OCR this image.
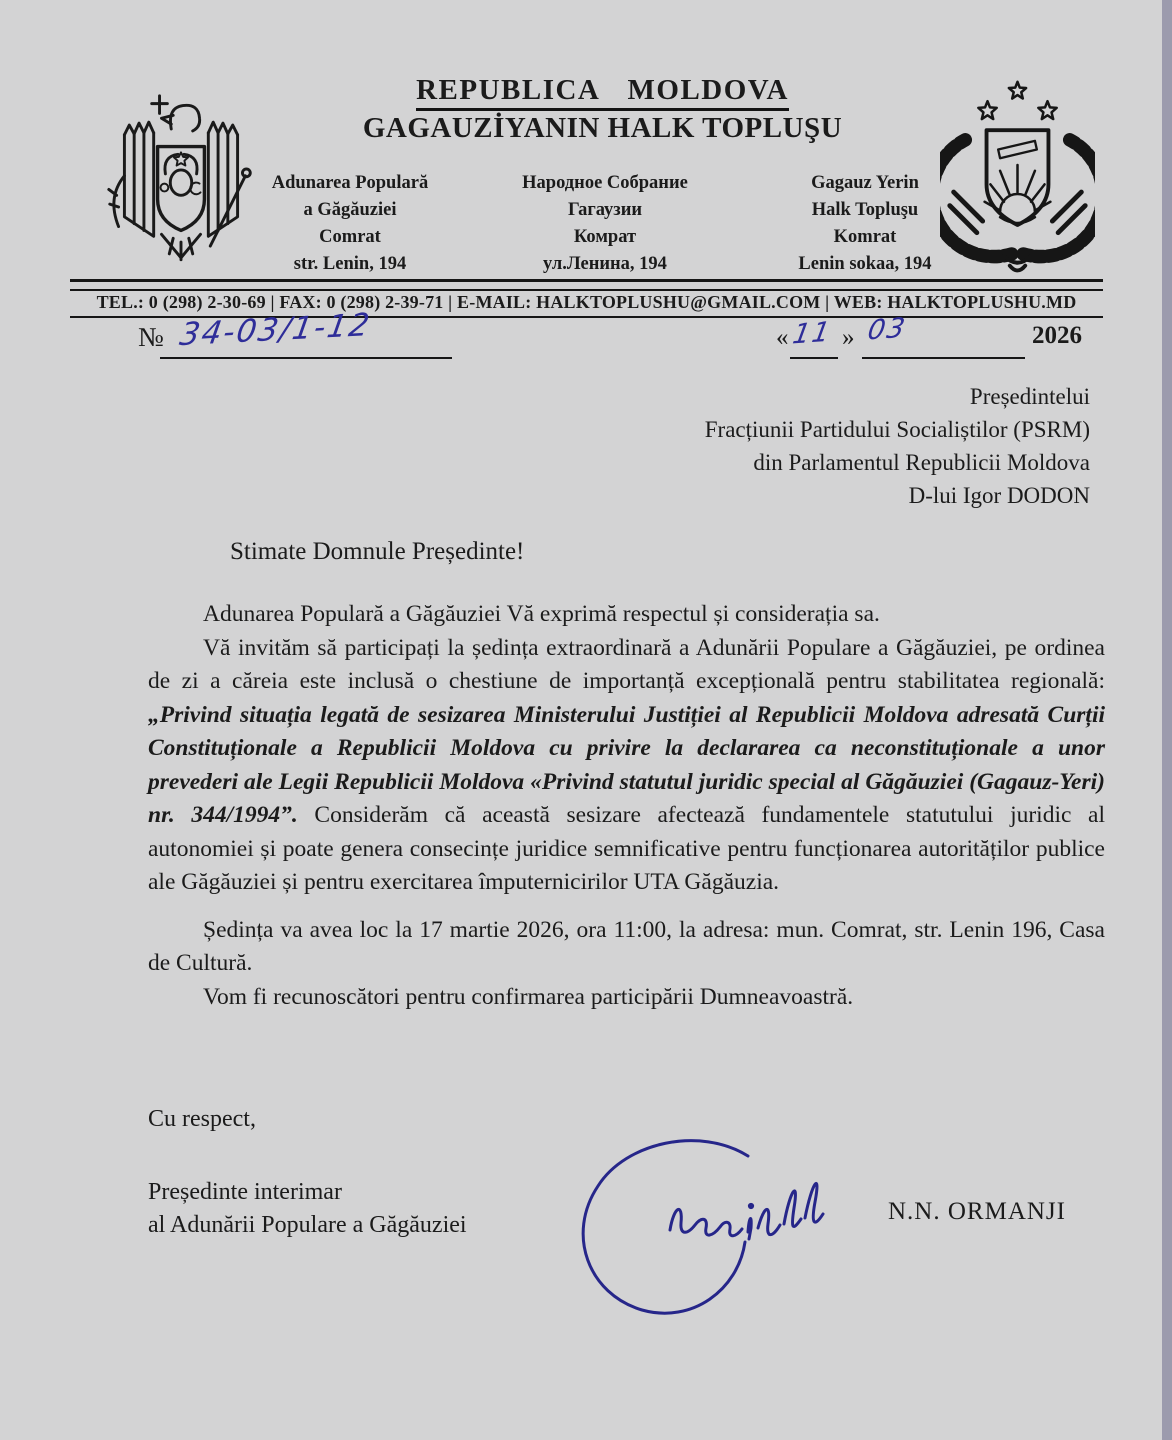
REPUBLICA MOLDOVA
GAGAUZİYANIN HALK TOPLUŞU
Adunarea Populară
a Găgăuziei
Comrat
str. Lenin, 194
Народное Собрание
Гагаузии
Комрат
ул.Ленина, 194
Gagauz Yerin
Halk Topluşu
Komrat
Lenin sokaa, 194
TEL.: 0 (298) 2-30-69 | FAX: 0 (298) 2-39-71 | E-MAIL: HALKTOPLUSHU@GMAIL.COM | WEB: HALKTOPLUSHU.MD
№ 34-03/1-12	« 11 » 03	2026
Președintelui
Fracțiunii Partidului Socialiștilor (PSRM)
din Parlamentul Republicii Moldova
D-lui Igor DODON
Stimate Domnule Președinte!

Adunarea Populară a Găgăuziei Vă exprimă respectul și considerația sa.

Vă invităm să participați la ședința extraordinară a Adunării Populare a Găgăuziei, pe ordinea de zi a căreia este inclusă o chestiune de importanță excepțională pentru stabilitatea regională: „Privind situația legată de sesizarea Ministerului Justiției al Republicii Moldova adresată Curții Constituționale a Republicii Moldova cu privire la declararea ca neconstituționale a unor prevederi ale Legii Republicii Moldova «Privind statutul juridic special al Găgăuziei (Gagauz-Yeri) nr. 344/1994”. Considerăm că această sesizare afectează fundamentele statutului juridic al autonomiei și poate genera consecințe juridice semnificative pentru funcționarea autorităților publice ale Găgăuziei și pentru exercitarea împuternicirilor UTA Găgăuzia.

Ședința va avea loc la 17 martie 2026, ora 11:00, la adresa: mun. Comrat, str. Lenin 196, Casa de Cultură.

Vom fi recunoscători pentru confirmarea participării Dumneavoastră.

Cu respect,
Președinte interimar
al Adunării Populare a Găgăuziei	N.N. ORMANJI
